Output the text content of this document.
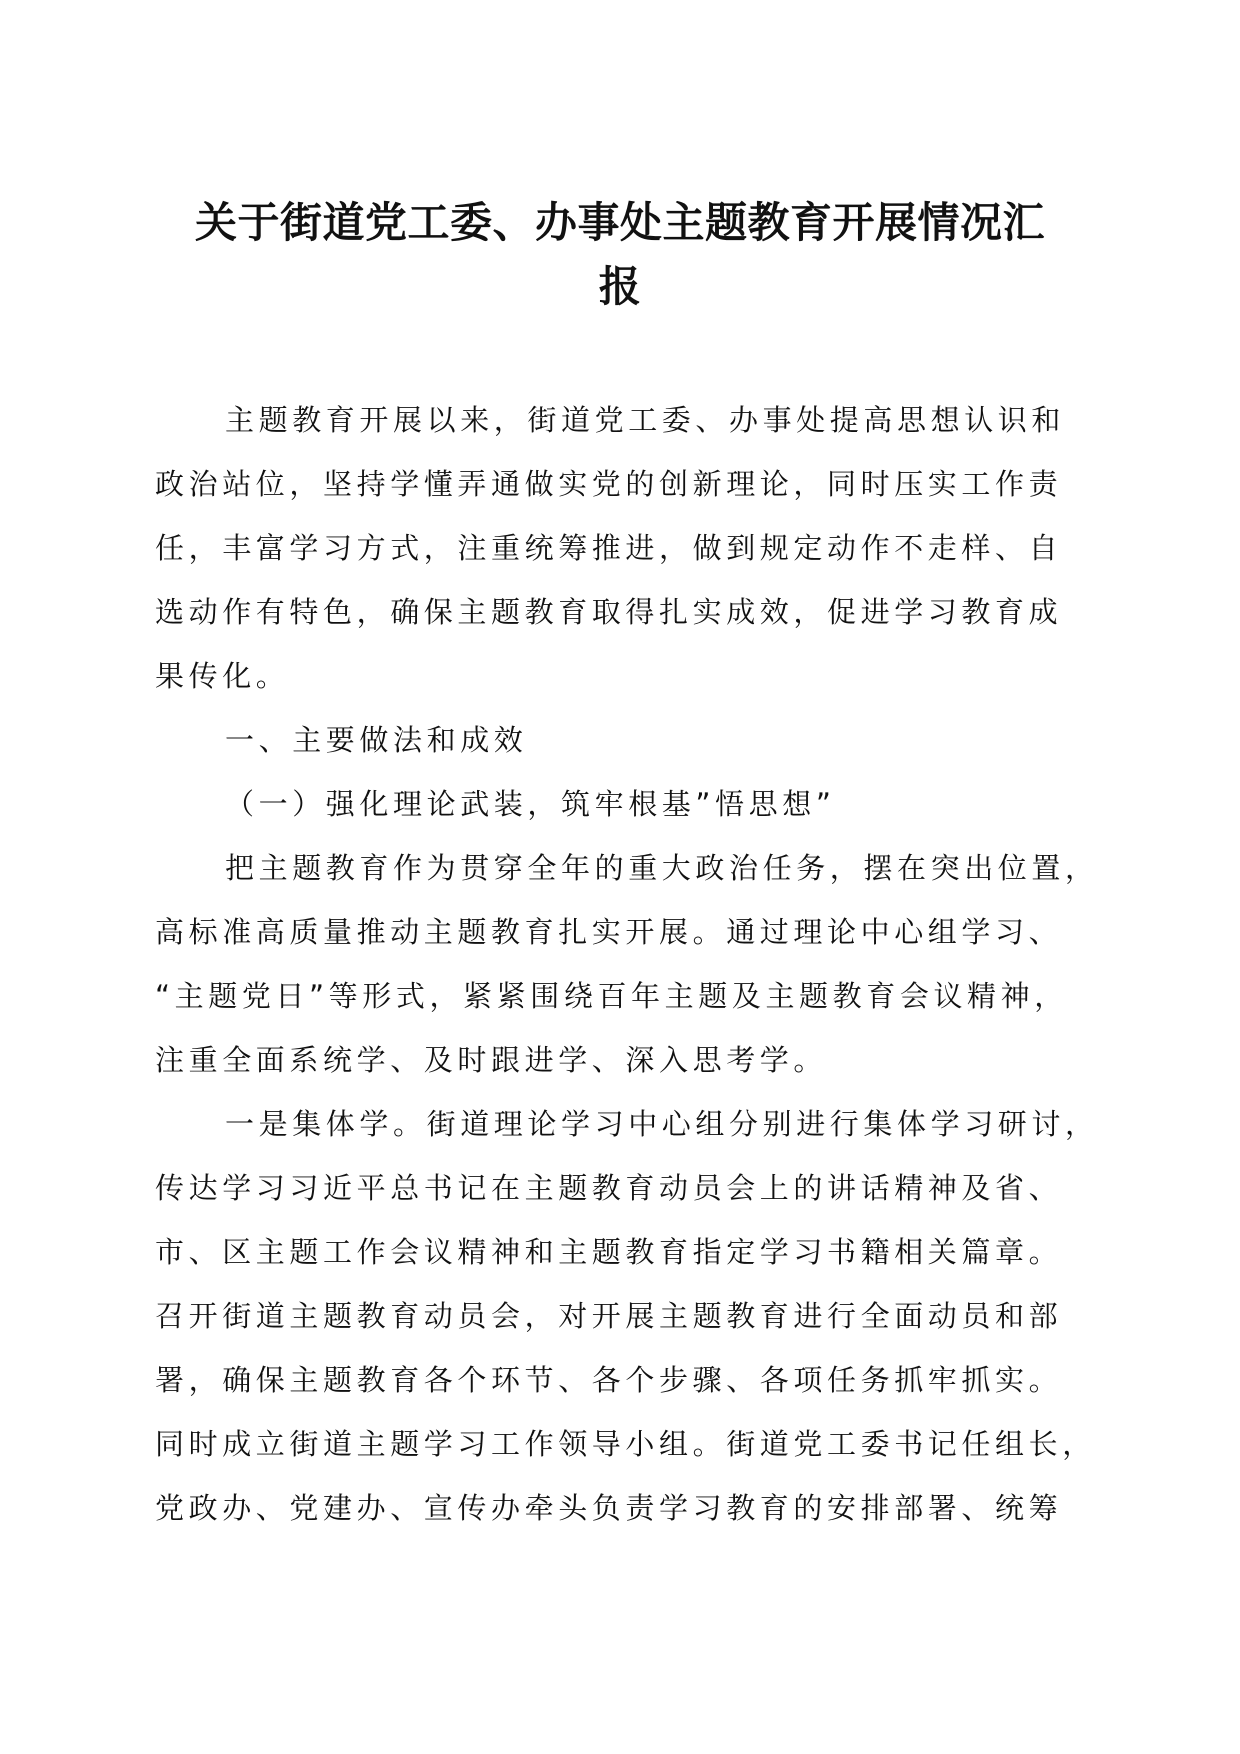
关于街道党工委、办事处主题教育开展情况汇
报
主题教育开展以来，街道党工委、办事处提高思想认识和
政治站位，坚持学懂弄通做实党的创新理论，同时压实工作责
任，丰富学习方式，注重统筹推进，做到规定动作不走样、自
选动作有特色，确保主题教育取得扎实成效，促进学习教育成
果传化。
一、主要做法和成效
（一）强化理论武装，筑牢根基”悟思想”
把主题教育作为贯穿全年的重大政治任务，摆在突出位置，
高标准高质量推动主题教育扎实开展。通过理论中心组学习、
“主题党日”等形式，紧紧围绕百年主题及主题教育会议精神，
注重全面系统学、及时跟进学、深入思考学。
一是集体学。街道理论学习中心组分别进行集体学习研讨，
传达学习习近平总书记在主题教育动员会上的讲话精神及省、
市、区主题工作会议精神和主题教育指定学习书籍相关篇章。
召开街道主题教育动员会，对开展主题教育进行全面动员和部
署，确保主题教育各个环节、各个步骤、各项任务抓牢抓实。
同时成立街道主题学习工作领导小组。街道党工委书记任组长，
党政办、党建办、宣传办牵头负责学习教育的安排部署、统筹
